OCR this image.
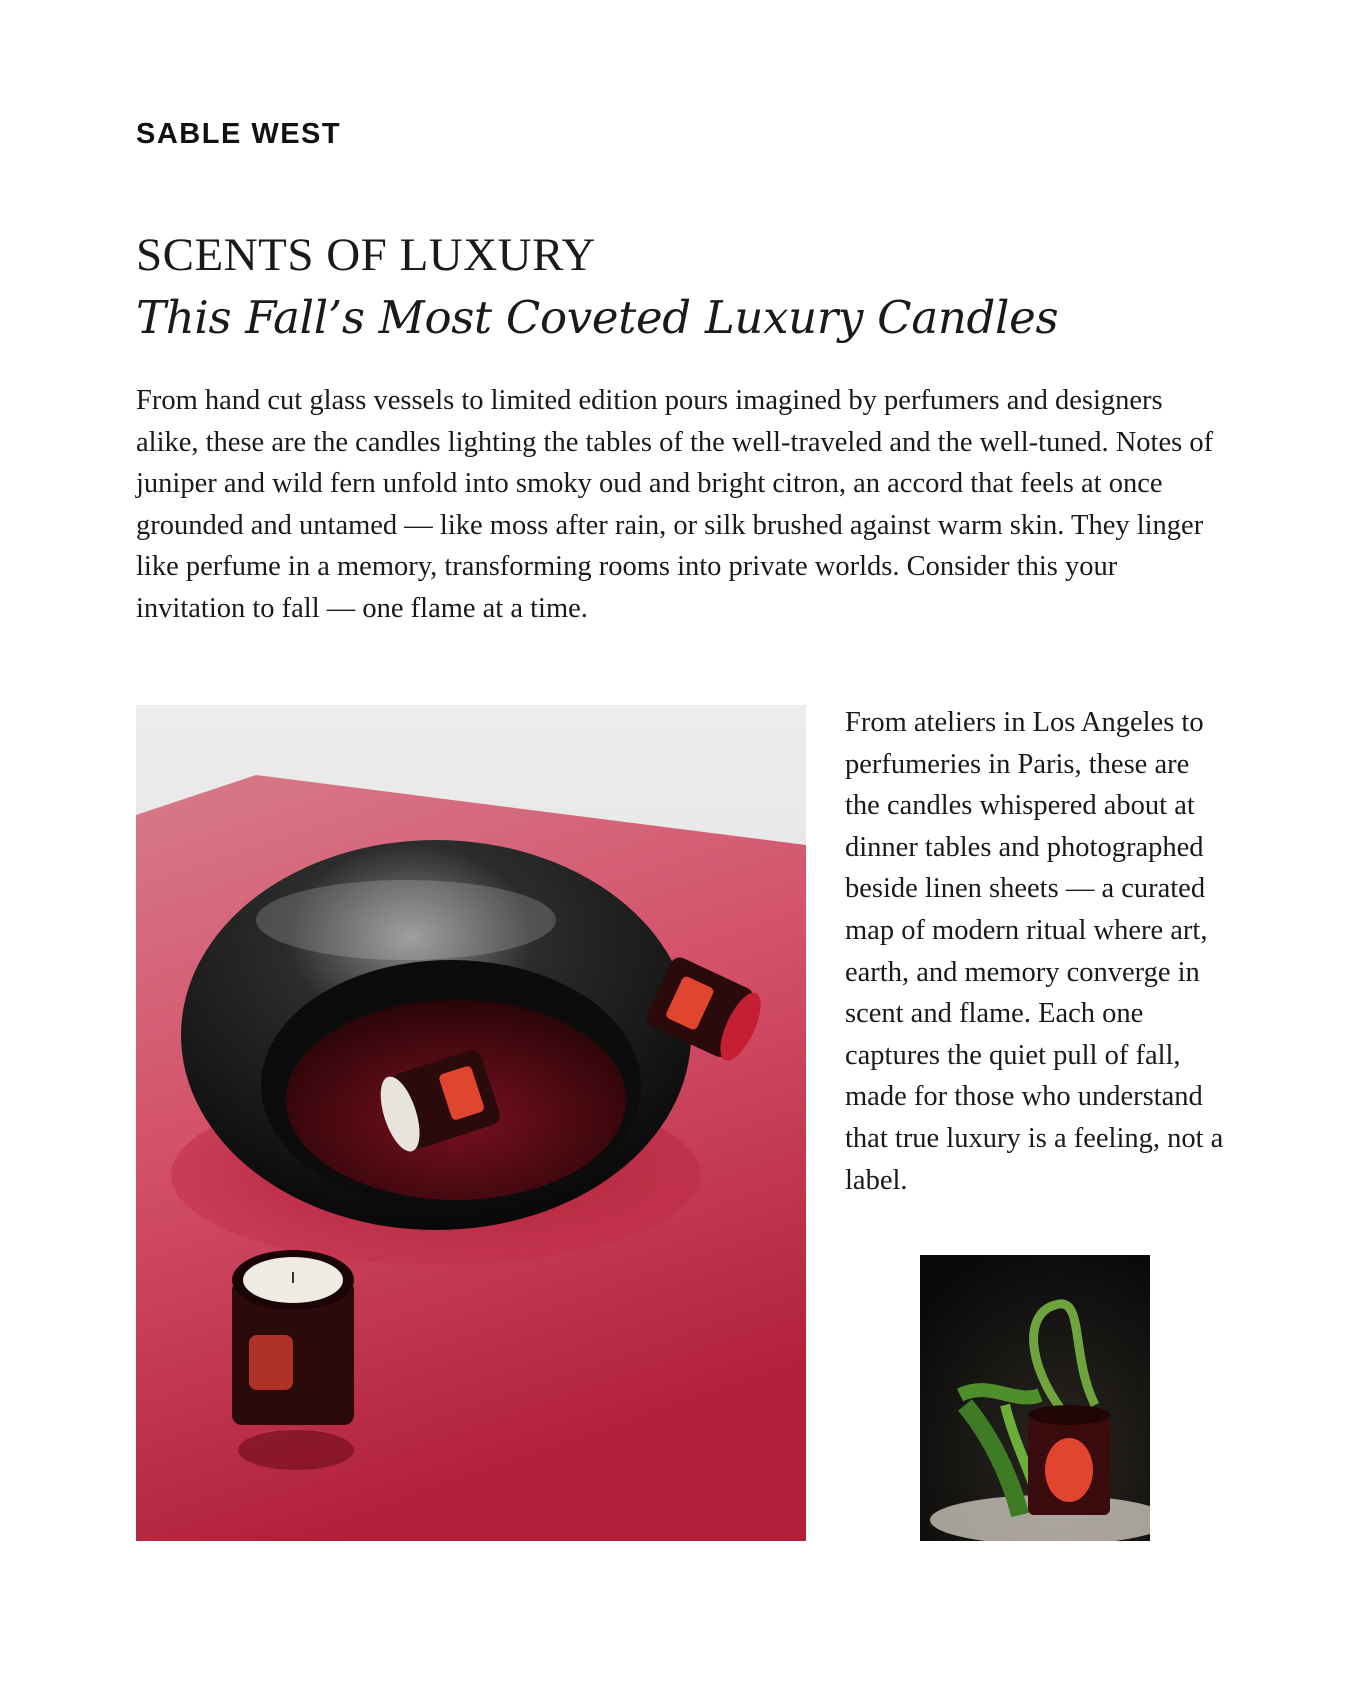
SABLE WEST
SCENTS OF LUXURY
This Fall’s Most Coveted Luxury Candles

From hand cut glass vessels to limited edition pours imagined by perfumers and designers alike, these are the candles lighting the tables of the well-traveled and the well-tuned. Notes of juniper and wild fern unfold into smoky oud and bright citron, an accord that feels at once grounded and untamed — like moss after rain, or silk brushed against warm skin. They linger like perfume in a memory, transforming rooms into private worlds. Consider this your invitation to fall — one flame at a time.

From ateliers in Los Angeles to perfumeries in Paris, these are the candles whispered about at dinner tables and photographed beside linen sheets — a curated map of modern ritual where art, earth, and memory converge in scent and flame. Each one captures the quiet pull of fall, made for those who understand that true luxury is a feeling, not a label.
